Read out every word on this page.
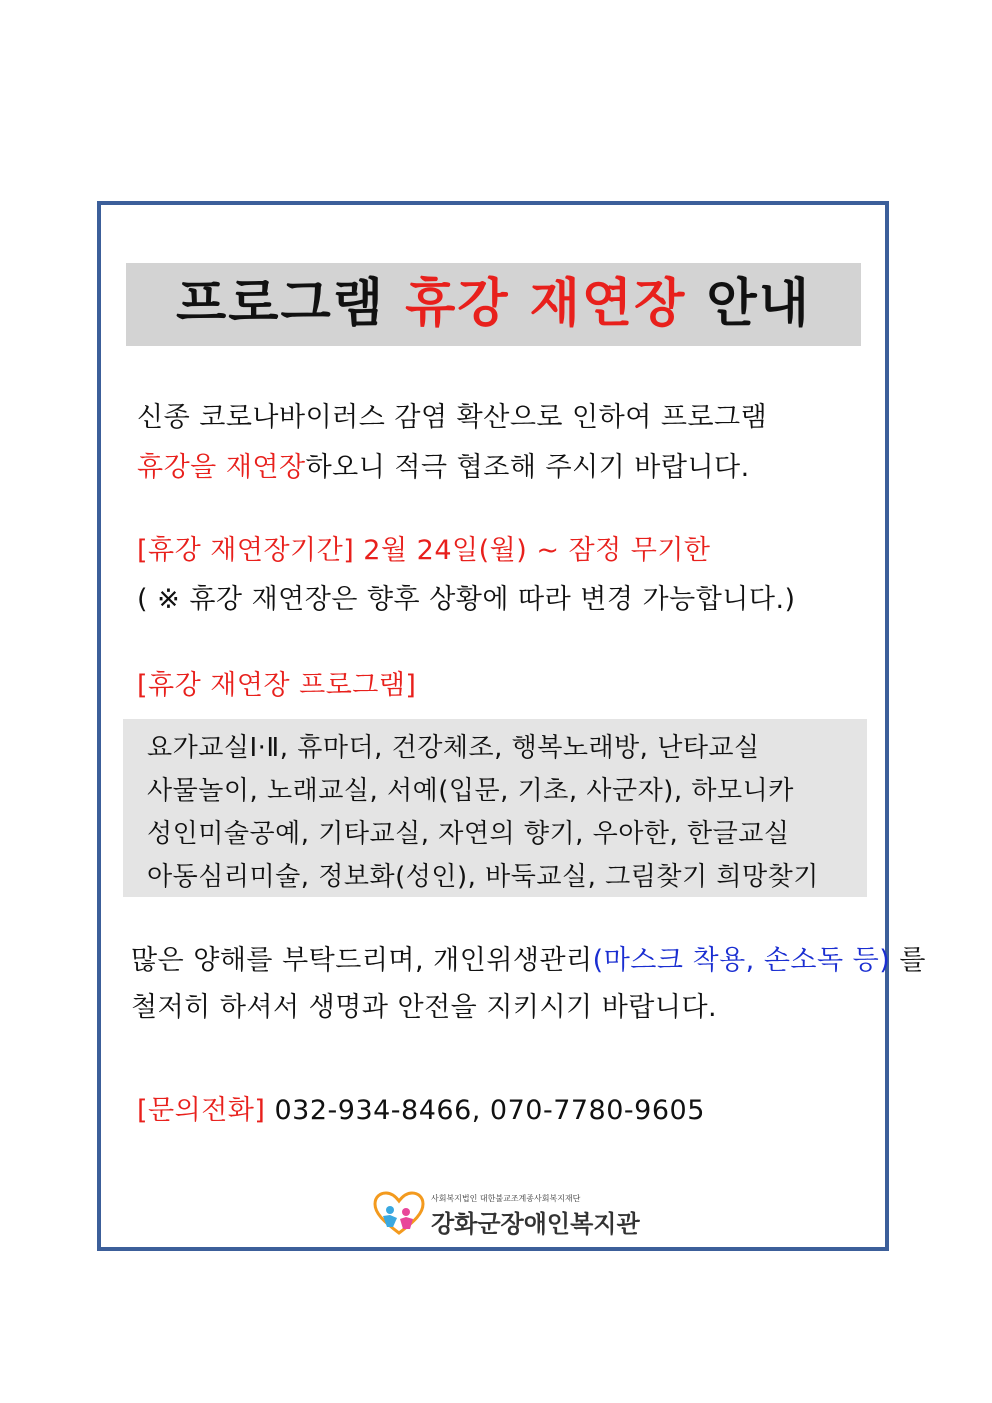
프로그램 휴강 재연장 안내
신종 코로나바이러스 감염 확산으로 인하여 프로그램
휴강을 재연장하오니 적극 협조해 주시기 바랍니다.
[휴강 재연장기간] 2월 24일(월) ~ 잠정 무기한
( ※ 휴강 재연장은 향후 상황에 따라 변경 가능합니다.)
[휴강 재연장 프로그램]
요가교실Ⅰ·Ⅱ, 휴마더, 건강체조, 행복노래방, 난타교실
사물놀이, 노래교실, 서예(입문, 기초, 사군자), 하모니카
성인미술공예, 기타교실, 자연의 향기, 우아한, 한글교실
아동심리미술, 정보화(성인), 바둑교실, 그림찾기 희망찾기
많은 양해를 부탁드리며, 개인위생관리(마스크 착용, 손소독 등) 를
철저히 하셔서 생명과 안전을 지키시기 바랍니다.
[문의전화] 032-934-8466, 070-7780-9605
사회복지법인 대한불교조계종사회복지재단
강화군장애인복지관
